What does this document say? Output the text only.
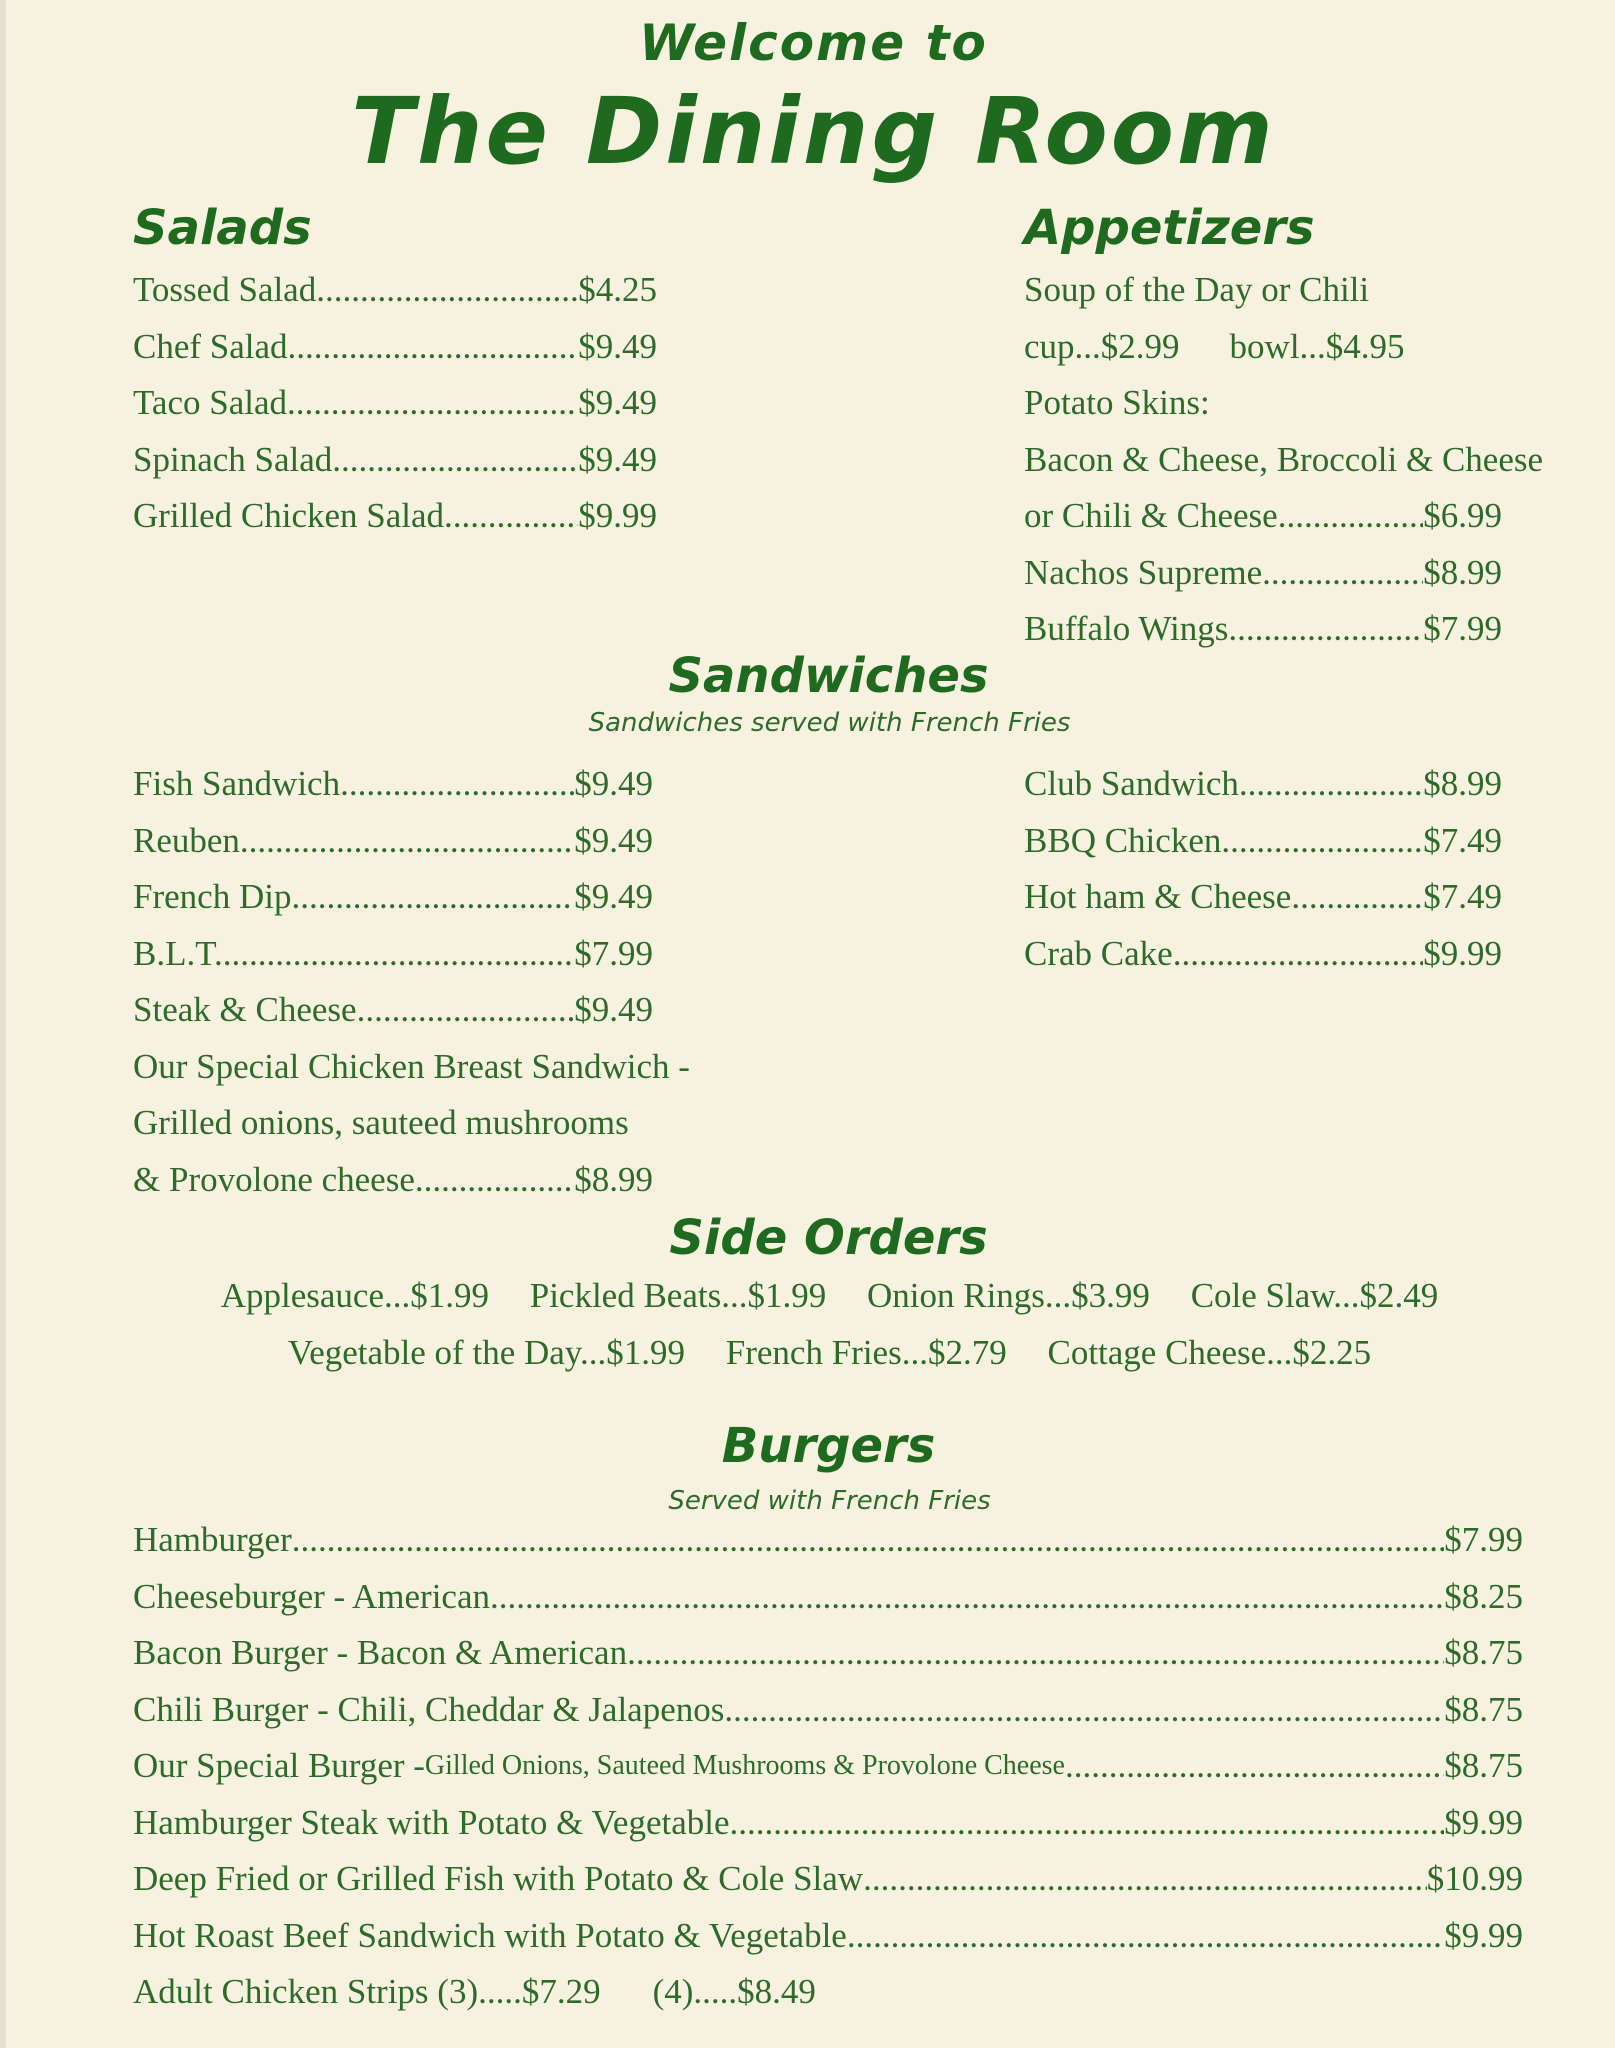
Welcome to
The Dining Room
Salads
Tossed Salad .....	$4.25
Chef Salad .....	$9.49
Taco Salad .....	$9.49
Spinach Salad .....	$9.49
Grilled Chicken Salad .....	$9.99
Appetizers
Soup of the Day or Chili
cup...$2.99 bowl...$4.95
Potato Skins:
Bacon & Cheese, Broccoli & Cheese
or Chili & Cheese .....	$6.99
Nachos Supreme .....	$8.99
Buffalo Wings .....	$7.99
Sandwiches
Sandwiches served with French Fries
Fish Sandwich .....	$9.49
Reuben .....	$9.49
French Dip .....	$9.49
B.L.T. .....	$7.99
Steak & Cheese .....	$9.49
Our Special Chicken Breast Sandwich -
Grilled onions, sauteed mushrooms
& Provolone cheese .....	$8.99
Club Sandwich .....	$8.99
BBQ Chicken .....	$7.49
Hot ham & Cheese .....	$7.49
Crab Cake .....	$9.99
Side Orders
Applesauce...$1.99 Pickled Beats...$1.99 Onion Rings...$3.99 Cole Slaw...$2.49
Vegetable of the Day...$1.99 French Fries...$2.79 Cottage Cheese...$2.25
Burgers
Served with French Fries
Hamburger .....	$7.99
Cheeseburger - American .....	$8.25
Bacon Burger - Bacon & American .....	$8.75
Chili Burger - Chili, Cheddar & Jalapenos .....	$8.75
Our Special Burger - Gilled Onions, Sauteed Mushrooms & Provolone Cheese .....	$8.75
Hamburger Steak with Potato & Vegetable .....	$9.99
Deep Fried or Grilled Fish with Potato & Cole Slaw .....	$10.99
Hot Roast Beef Sandwich with Potato & Vegetable .....	$9.99
Adult Chicken Strips (3).....$7.29 (4).....$8.49
